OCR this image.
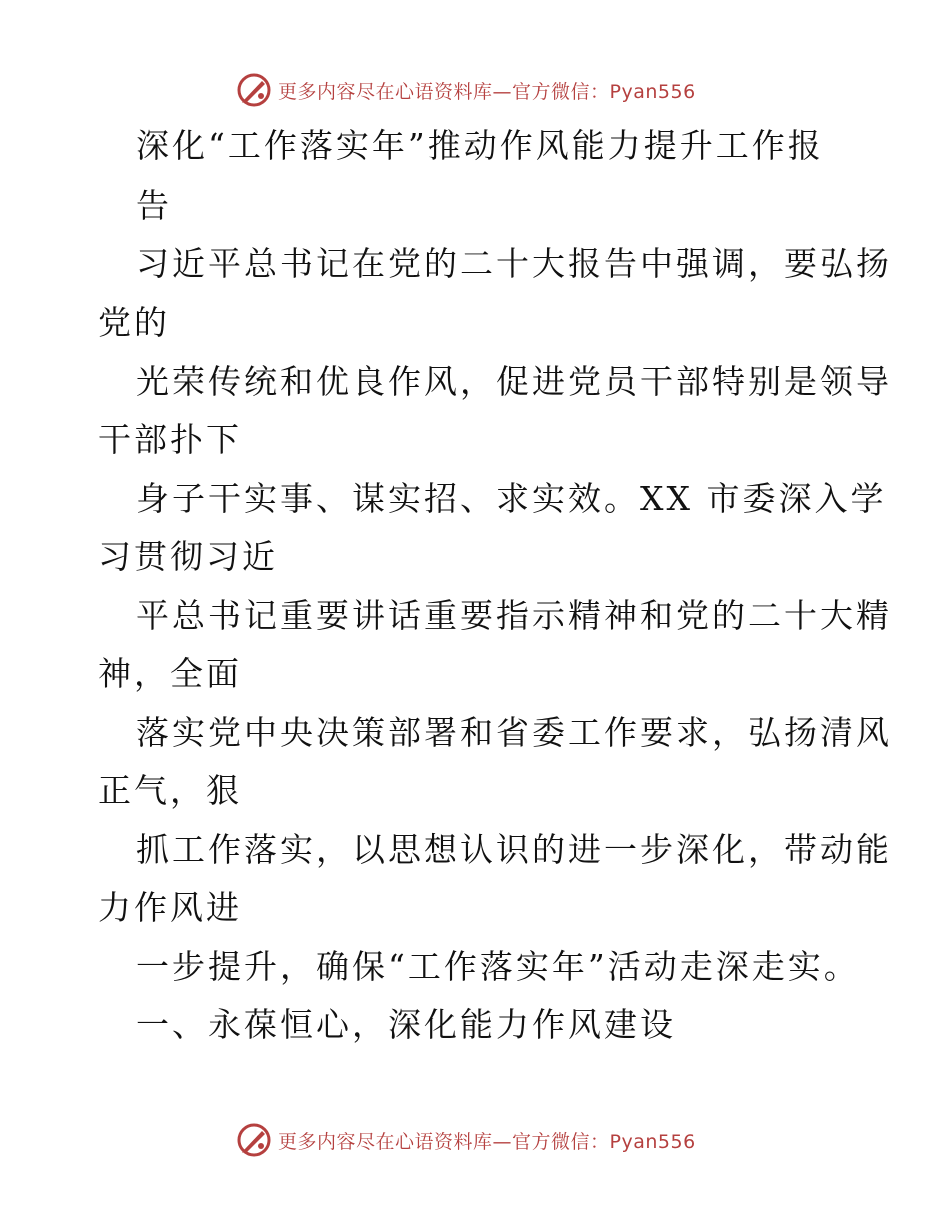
更多内容尽在心语资料库—官方微信：Pyan556
深化“工作落实年”推动作风能力提升工作报
告
习近平总书记在党的二十大报告中强调，要弘扬
党的
光荣传统和优良作风，促进党员干部特别是领导
干部扑下
身子干实事、谋实招、求实效。XX 市委深入学
习贯彻习近
平总书记重要讲话重要指示精神和党的二十大精
神，全面
落实党中央决策部署和省委工作要求，弘扬清风
正气，狠
抓工作落实，以思想认识的进一步深化，带动能
力作风进
一步提升，确保“工作落实年”活动走深走实。
一、永葆恒心，深化能力作风建设
更多内容尽在心语资料库—官方微信：Pyan556
